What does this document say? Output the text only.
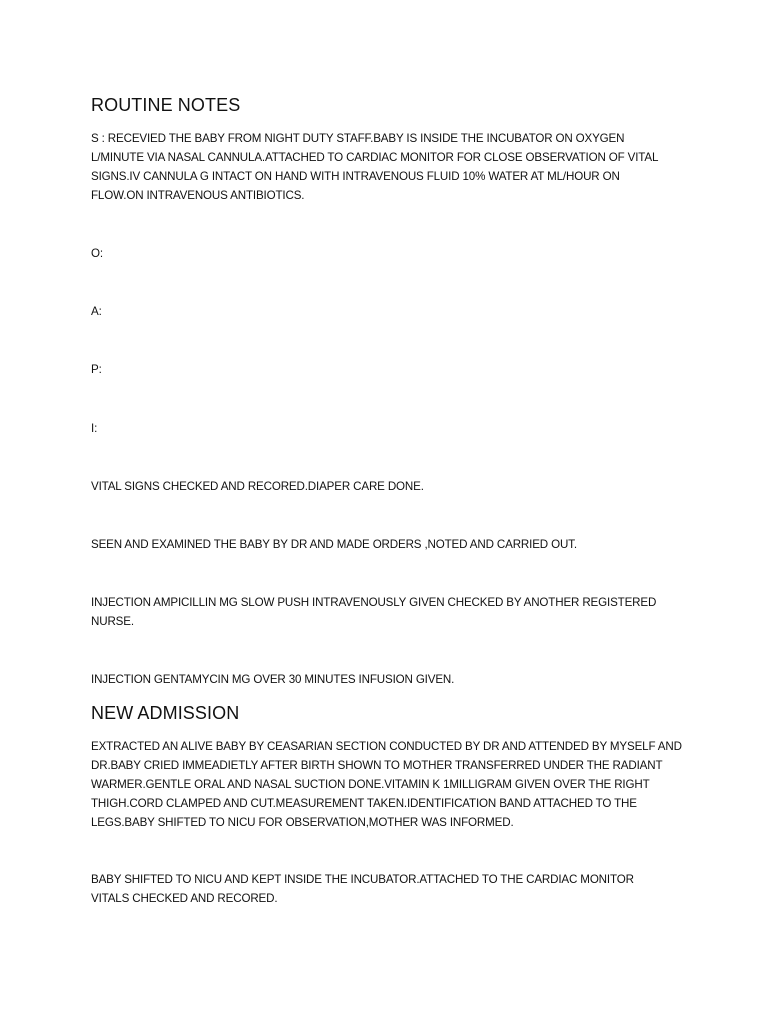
ROUTINE NOTES

S : RECEVIED THE BABY FROM NIGHT DUTY STAFF.BABY IS INSIDE THE INCUBATOR ON OXYGEN
L/MINUTE VIA NASAL CANNULA.ATTACHED TO CARDIAC MONITOR FOR CLOSE OBSERVATION OF VITAL
SIGNS.IV CANNULA G INTACT ON HAND WITH INTRAVENOUS FLUID 10% WATER AT ML/HOUR ON
FLOW.ON INTRAVENOUS ANTIBIOTICS.

O:

A:

P:

I:

VITAL SIGNS CHECKED AND RECORED.DIAPER CARE DONE.

SEEN AND EXAMINED THE BABY BY DR AND MADE ORDERS ,NOTED AND CARRIED OUT.

INJECTION AMPICILLIN MG SLOW PUSH INTRAVENOUSLY GIVEN CHECKED BY ANOTHER REGISTERED
NURSE.

INJECTION GENTAMYCIN MG OVER 30 MINUTES INFUSION GIVEN.

NEW ADMISSION

EXTRACTED AN ALIVE BABY BY CEASARIAN SECTION CONDUCTED BY DR AND ATTENDED BY MYSELF AND
DR.BABY CRIED IMMEADIETLY AFTER BIRTH SHOWN TO MOTHER TRANSFERRED UNDER THE RADIANT
WARMER.GENTLE ORAL AND NASAL SUCTION DONE.VITAMIN K 1MILLIGRAM GIVEN OVER THE RIGHT
THIGH.CORD CLAMPED AND CUT.MEASUREMENT TAKEN.IDENTIFICATION BAND ATTACHED TO THE
LEGS.BABY SHIFTED TO NICU FOR OBSERVATION,MOTHER WAS INFORMED.

BABY SHIFTED TO NICU AND KEPT INSIDE THE INCUBATOR.ATTACHED TO THE CARDIAC MONITOR
VITALS CHECKED AND RECORED.
